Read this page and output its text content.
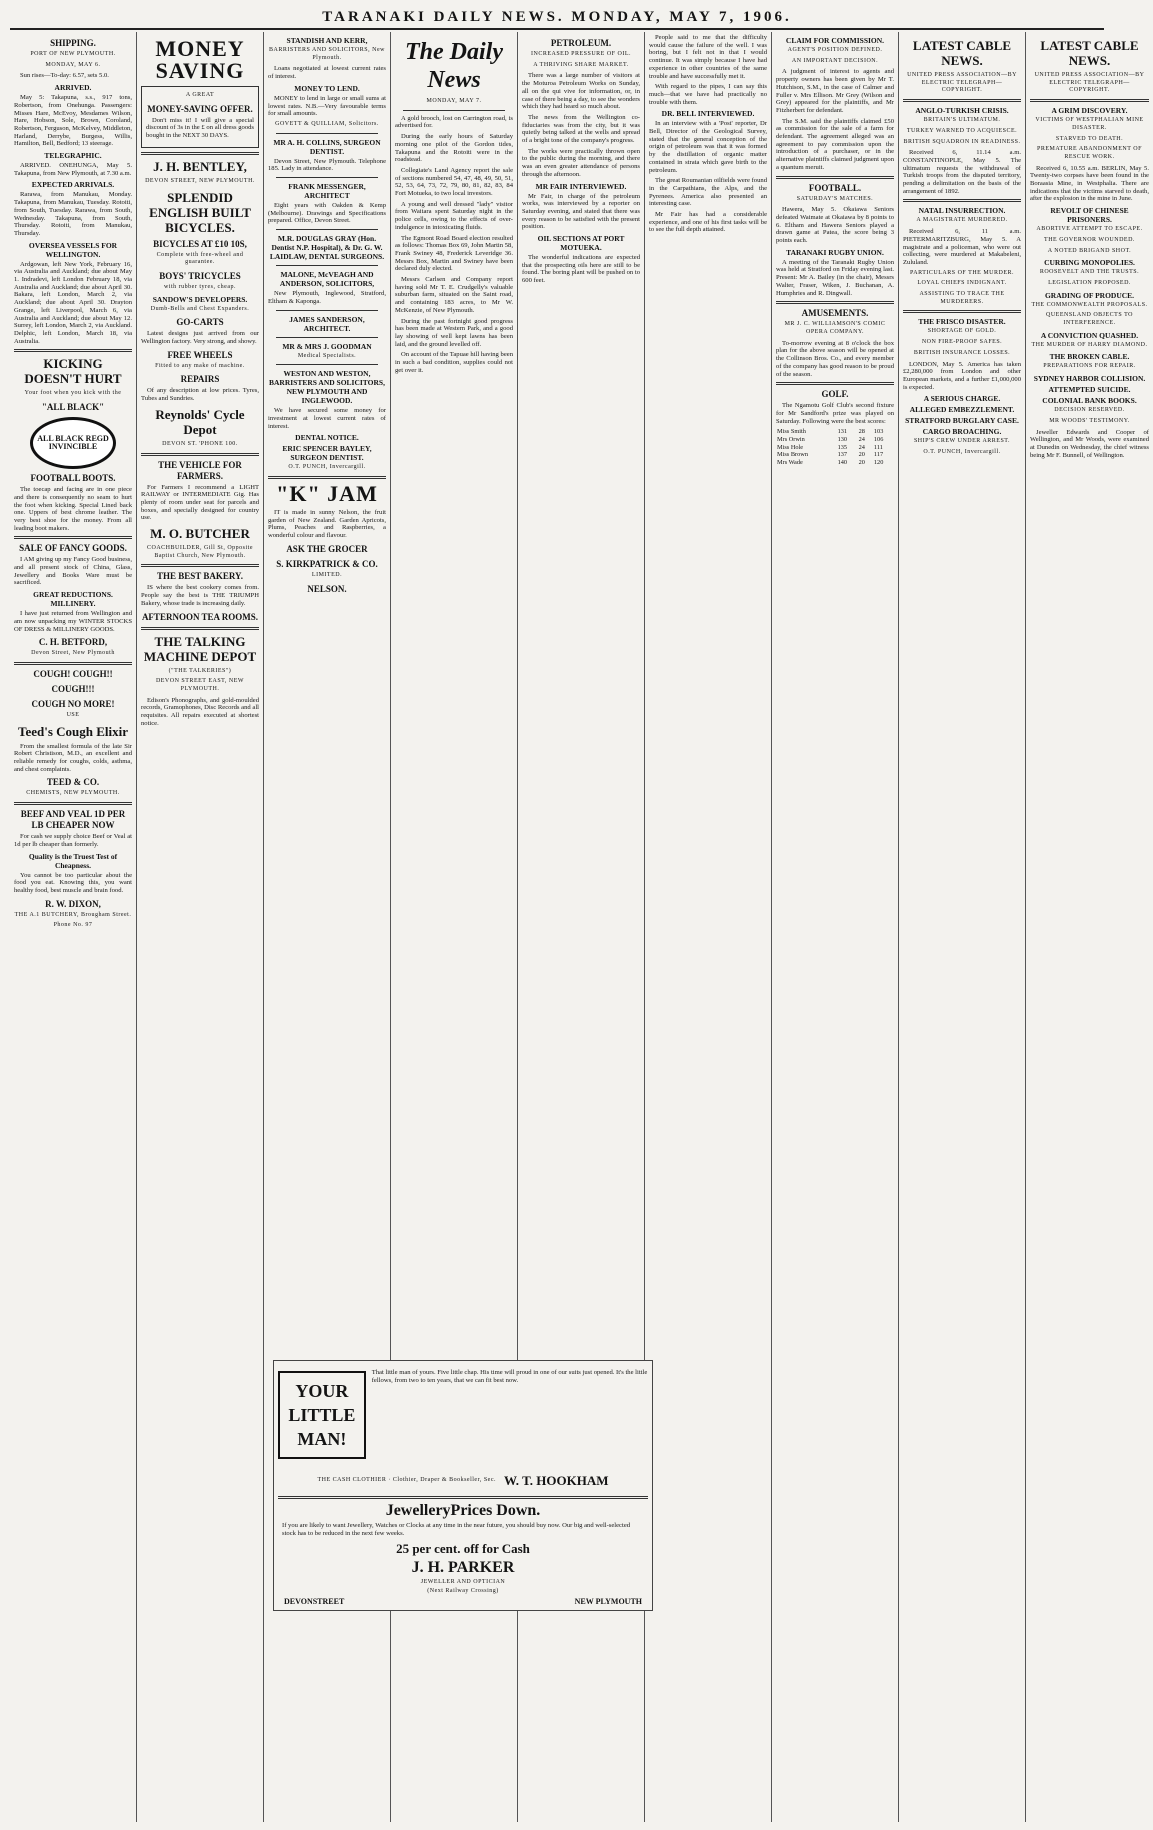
TARANAKI DAILY NEWS. MONDAY, MAY 7, 1906.
SHIPPING.
PORT OF NEW PLYMOUTH.
MONDAY, MAY 6.

Sun rises—To-day: 6.57, sets 5.0.

ARRIVED.

May 5: Takapuna, s.s., 917 tons, Robertson, from Onehunga. Passengers: Misses Hare, McEvoy, Mesdames Wilson, Hare, Hobson, Sole, Brown, Coroland, Robertson, Ferguson, McKelvey, Middleton, Harland, Derrybe, Burgess, Willis, Hamilton, Bell, Bedford; 13 steerage.

TELEGRAPHIC.

ARRIVED. ONEHUNGA, May 5. Takapuna, from New Plymouth, at 7.30 a.m.

EXPECTED ARRIVALS.

Rarawa, from Manukau, Monday. Takapuna, from Manukau, Tuesday. Rotoiti, from South, Tuesday. Rarawa, from South, Wednesday. Takapuna, from South, Thursday. Rotoiti, from Manukau, Thursday.

OVERSEA VESSELS FOR WELLINGTON.

Ardgowan, left New York, February 16, via Australia and Auckland; due about May 1. Indradevi, left London February 18, via Australia and Auckland; due about April 30. Bakara, left London, March 2, via Auckland; due about April 30. Drayton Grange, left Liverpool, March 6, via Australia and Auckland; due about May 12. Surrey, left London, March 2, via Auckland. Delphic, left London, March 18, via Australia.

KICKING DOESN'T HURT
Your foot when you kick with the
"ALL BLACK"
ALL BLACK REGD INVINCIBLE
FOOTBALL BOOTS.

The toecap and facing are in one piece and there is consequently no seam to hurt the foot when kicking. Special Lined back one. Uppers of best chrome leather. The very best shoe for the money. From all leading boot makers.

SALE OF FANCY GOODS.

I AM giving up my Fancy Good business, and all present stock of China, Glass, Jewellery and Books Ware must be sacrificed.

GREAT REDUCTIONS. MILLINERY.

I have just returned from Wellington and am now unpacking my WINTER STOCKS OF DRESS & MILLINERY GOODS.

C. H. BETFORD,
Devon Street, New Plymouth
COUGH! COUGH!!
COUGH!!!
COUGH NO MORE!
USE
Teed's Cough Elixir

From the smallest formula of the late Sir Robert Christison, M.D., an excellent and reliable remedy for coughs, colds, asthma, and chest complaints.

TEED & CO.
CHEMISTS, NEW PLYMOUTH.
BEEF AND VEAL 1D PER LB CHEAPER NOW

For cash we supply choice Beef or Veal at 1d per lb cheaper than formerly.

Quality is the Truest Test of Cheapness.

You cannot be too particular about the food you eat. Knowing this, you want healthy food, best muscle and brain food.

R. W. DIXON,
THE A.1 BUTCHERY, Brougham Street.
Phone No. 97
MONEY SAVING
A GREAT
MONEY-SAVING OFFER.

Don't miss it! I will give a special discount of 3s in the £ on all dress goods bought in the NEXT 30 DAYS.

J. H. BENTLEY,
DEVON STREET, NEW PLYMOUTH.
SPLENDID ENGLISH BUILT BICYCLES.
BICYCLES AT £10 10S,
Complete with free-wheel and guarantee.
BOYS' TRICYCLES
with rubber tyres, cheap.
SANDOW'S DEVELOPERS.
Dumb-Bells and Chest Expanders.
GO-CARTS

Latest designs just arrived from our Wellington factory. Very strong, and showy.

FREE WHEELS
Fitted to any make of machine.
REPAIRS

Of any description at low prices. Tyres, Tubes and Sundries.

Reynolds' Cycle Depot
DEVON ST. 'PHONE 100.
THE VEHICLE FOR FARMERS.

For Farmers I recommend a LIGHT RAILWAY or INTERMEDIATE Gig. Has plenty of room under seat for parcels and boxes, and specially designed for country use.

M. O. BUTCHER
COACHBUILDER, Gill St, Opposite Baptist Church, New Plymouth.
THE BEST BAKERY.

IS where the best cookery comes from. People say the best is THE TRIUMPH Bakery, whose trade is increasing daily.

AFTERNOON TEA ROOMS.
THE TALKING MACHINE DEPOT
("THE TALKERIES")
DEVON STREET EAST, NEW PLYMOUTH.

Edison's Phonographs, and gold-moulded records, Gramophones, Disc Records and all requisites. All repairs executed at shortest notice.

STANDISH AND KERR,
BARRISTERS AND SOLICITORS, New Plymouth.

Loans negotiated at lowest current rates of interest.

MONEY TO LEND.

MONEY to lend in large or small sums at lowest rates. N.B.—Very favourable terms for small amounts.

GOVETT & QUILLIAM, Solicitors.
MR A. H. COLLINS, SURGEON DENTIST.

Devon Street, New Plymouth. Telephone 185. Lady in attendance.

FRANK MESSENGER, ARCHITECT

Eight years with Oakden & Kemp (Melbourne). Drawings and Specifications prepared. Office, Devon Street.

M.R. DOUGLAS GRAY (Hon. Dentist N.P. Hospital), & Dr. G. W. LAIDLAW, DENTAL SURGEONS.
MALONE, McVEAGH AND ANDERSON, SOLICITORS,

New Plymouth, Inglewood, Stratford, Eltham & Kaponga.

JAMES SANDERSON, ARCHITECT.
MR & MRS J. GOODMAN
Medical Specialists.
WESTON AND WESTON, BARRISTERS AND SOLICITORS, NEW PLYMOUTH AND INGLEWOOD.

We have secured some money for investment at lowest current rates of interest.

DENTAL NOTICE.
ERIC SPENCER BAYLEY, SURGEON DENTIST.
O.T. PUNCH, Invercargill.
"K" JAM

IT is made in sunny Nelson, the fruit garden of New Zealand. Garden Apricots, Plums, Peaches and Raspberries, a wonderful colour and flavour.

ASK THE GROCER
S. KIRKPATRICK & CO.
LIMITED.
NELSON.
The Daily News
MONDAY, MAY 7.

A gold brooch, lost on Carrington road, is advertised for.

During the early hours of Saturday morning one pilot of the Gordon tides, Takapuna and the Rotoiti were in the roadstead.

Collegiate's Land Agency report the sale of sections numbered 54, 47, 48, 49, 50, 51, 52, 53, 64, 73, 72, 79, 80, 81, 82, 83, 84 Fort Motueka, to two local investors.

A young and well dressed "lady" visitor from Waitara spent Saturday night in the police cells, owing to the effects of over-indulgence in intoxicating fluids.

The Egmont Road Board election resulted as follows: Thomas Box 69, John Martin 58, Frank Swiney 48, Frederick Leveridge 36. Messrs Box, Martin and Swiney have been declared duly elected.

Messrs Carlsen and Company report having sold Mr T. E. Crudgelly's valuable suburban farm, situated on the Saint road, and containing 183 acres, to Mr W. McKenzie, of New Plymouth.

During the past fortnight good progress has been made at Western Park, and a good lay showing of well kept lawns has been laid, and the ground levelled off.

On account of the Tapuae hill having been in such a bad condition, supplies could not get over it.

PETROLEUM.
INCREASED PRESSURE OF OIL.
A THRIVING SHARE MARKET.

There was a large number of visitors at the Moturoa Petroleum Works on Sunday, all on the qui vive for information, or, in case of there being a day, to see the wonders which they had heard so much about.

The news from the Wellington co-fiduciaries was from the city, but it was quietly being talked at the wells and spread of a bright tone of the company's progress.

The works were practically thrown open to the public during the morning, and there was an even greater attendance of persons through the afternoon.

MR FAIR INTERVIEWED.

Mr Fair, in charge of the petroleum works, was interviewed by a reporter on Saturday evening, and stated that there was every reason to be satisfied with the present position.

OIL SECTIONS AT PORT MOTUEKA.

The wonderful indications are expected that the prospecting oils here are still to be found. The boring plant will be pushed on to 600 feet.

People said to me that the difficulty would cause the failure of the well. I was boring, but I felt not in that I would continue. It was simply because I have had experience in other countries of the same trouble and have successfully met it.

With regard to the pipes, I can say this much—that we have had practically no trouble with them.

DR. BELL INTERVIEWED.

In an interview with a 'Post' reporter, Dr Bell, Director of the Geological Survey, stated that the general conception of the origin of petroleum was that it was formed by the distillation of organic matter contained in strata which gave birth to the petroleum.

The great Roumanian oilfields were found in the Carpathians, the Alps, and the Pyrenees. America also presented an interesting case.

Mr Fair has had a considerable experience, and one of his first tasks will be to see the full depth attained.

CLAIM FOR COMMISSION.
AGENT'S POSITION DEFINED.
AN IMPORTANT DECISION.

A judgment of interest to agents and property owners has been given by Mr T. Hutchison, S.M., in the case of Calmer and Fuller v. Mrs Ellison. Mr Grey (Wilson and Grey) appeared for the plaintiffs, and Mr Fitzherbert for defendant.

The S.M. said the plaintiffs claimed £50 as commission for the sale of a farm for defendant. The agreement alleged was an agreement to pay commission upon the introduction of a purchaser, or in the alternative plaintiffs claimed judgment upon a quantum meruit.

FOOTBALL.
SATURDAY'S MATCHES.

Hawera, May 5. Okaiawa Seniors defeated Waimate at Okaiawa by 8 points to 6. Eltham and Hawera Seniors played a drawn game at Patea, the score being 3 points each.

TARANAKI RUGBY UNION.

A meeting of the Taranaki Rugby Union was held at Stratford on Friday evening last. Present: Mr A. Bailey (in the chair), Messrs Walter, Fraser, Wiken, J. Buchanan, A. Humphries and R. Dingwall.

AMUSEMENTS.
MR J. C. WILLIAMSON'S COMIC OPERA COMPANY.

To-morrow evening at 8 o'clock the box plan for the above season will be opened at the Collinson Bros. Co., and every member of the company has good reason to be proud of the season.

GOLF.

The Ngamotu Golf Club's second fixture for Mr Sandford's prize was played on Saturday. Following were the best scores:

Miss Smith	131	28	103
Mrs Orwin	130	24	106
Miss Hole	135	24	111
Miss Brown	137	20	117
Mrs Wade	140	20	120
LATEST CABLE NEWS.
UNITED PRESS ASSOCIATION—BY ELECTRIC TELEGRAPH—COPYRIGHT.
ANGLO-TURKISH CRISIS.
BRITAIN'S ULTIMATUM.
TURKEY WARNED TO ACQUIESCE.
BRITISH SQUADRON IN READINESS.

Received 6, 11.14 a.m. CONSTANTINOPLE, May 5. The ultimatum requests the withdrawal of Turkish troops from the disputed territory, pending a delimitation on the basis of the arrangement of 1892.

NATAL INSURRECTION.
A MAGISTRATE MURDERED.

Received 6, 11 a.m. PIETERMARITZBURG, May 5. A magistrate and a policeman, who were out collecting, were murdered at Makabeleni, Zululand.

PARTICULARS OF THE MURDER.
LOYAL CHIEFS INDIGNANT.
ASSISTING TO TRACE THE MURDERERS.
THE FRISCO DISASTER.
SHORTAGE OF GOLD.
NON FIRE-PROOF SAFES.
BRITISH INSURANCE LOSSES.

LONDON, May 5. America has taken £2,280,000 from London and other European markets, and a further £1,000,000 is expected.

A SERIOUS CHARGE.
ALLEGED EMBEZZLEMENT.
STRATFORD BURGLARY CASE.
CARGO BROACHING.
SHIP'S CREW UNDER ARREST.
O.T. PUNCH, Invercargill.
LATEST CABLE NEWS.
UNITED PRESS ASSOCIATION—BY ELECTRIC TELEGRAPH—COPYRIGHT.
A GRIM DISCOVERY.
VICTIMS OF WESTPHALIAN MINE DISASTER.
STARVED TO DEATH.
PREMATURE ABANDONMENT OF RESCUE WORK.

Received 6, 10.55 a.m. BERLIN, May 5. Twenty-two corpses have been found in the Boraasia Mine, in Westphalia. There are indications that the victims starved to death, after the explosion in the mine in June.

REVOLT OF CHINESE PRISONERS.
ABORTIVE ATTEMPT TO ESCAPE.
THE GOVERNOR WOUNDED.
A NOTED BRIGAND SHOT.
CURBING MONOPOLIES.
ROOSEVELT AND THE TRUSTS.
LEGISLATION PROPOSED.
GRADING OF PRODUCE.
THE COMMONWEALTH PROPOSALS.
QUEENSLAND OBJECTS TO INTERFERENCE.
A CONVICTION QUASHED.
THE MURDER OF HARRY DIAMOND.
THE BROKEN CABLE.
PREPARATIONS FOR REPAIR.
SYDNEY HARBOR COLLISION.
ATTEMPTED SUICIDE.
COLONIAL BANK BOOKS.
DECISION RESERVED.
MR WOODS' TESTIMONY.

Jeweller Edwards and Cooper of Wellington, and Mr Woods, were examined at Dunedin on Wednesday, the chief witness being Mr F. Bunnell, of Wellington.

YOUR LITTLE MAN!

That little man of yours. Five little chap. His time will proud in one of our suits just opened. It's the little fellows, from two to ten years, that we can fit best now.

THE CASH CLOTHIER · Clothier, Draper & Bookseller, Sec. W. T. HOOKHAM
JewelleryPrices Down.

If you are likely to want Jewellery, Watches or Clocks at any time in the near future, you should buy now. Our big and well-selected stock has to be reduced in the next few weeks.

25 per cent. off for Cash
J. H. PARKER
JEWELLER AND OPTICIAN
(Next Railway Crossing)
DEVONSTREET	NEW PLYMOUTH
